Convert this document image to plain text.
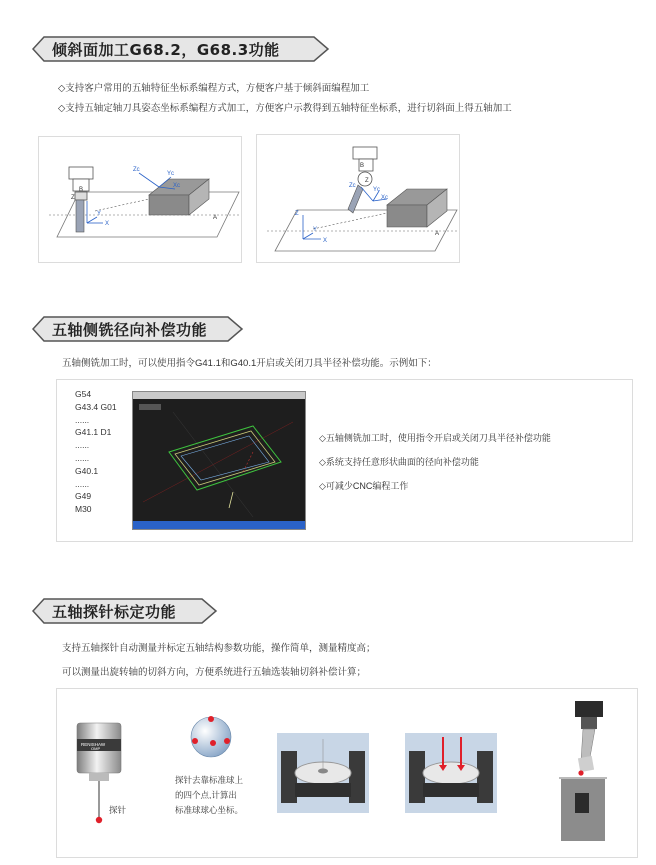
倾斜面加工G68.2，G68.3功能
◇支持客户常用的五轴特征坐标系编程方式，方便客户基于倾斜面编程加工
◇支持五轴定轴刀具姿态坐标系编程方式加工，方便客户示教得到五轴特征坐标系，进行切斜面上得五轴加工
B
Z
Zc
Yc
Xc
Y
X
A
B
Z
Zc
Yc
Xc
Z
Y
X
A
五轴侧铣径向补偿功能
五轴侧铣加工时，可以使用指令G41.1和G40.1开启或关闭刀具半径补偿功能。示例如下：
G54
G43.4 G01
......
G41.1 D1
......
......
G40.1
......
G49
M30
◇五轴侧铣加工时，使用指令开启或关闭刀具半径补偿功能
◇系统支持任意形状曲面的径向补偿功能
◇可减少CNC编程工作
五轴探针标定功能
支持五轴探针自动测量并标定五轴结构参数功能，操作简单，测量精度高；
可以测量出旋转轴的切斜方向，方便系统进行五轴选装轴切斜补偿计算；
RENISHAW
OMP
探针
探针去靠标准球上
的四个点,计算出
标准球球心坐标。
